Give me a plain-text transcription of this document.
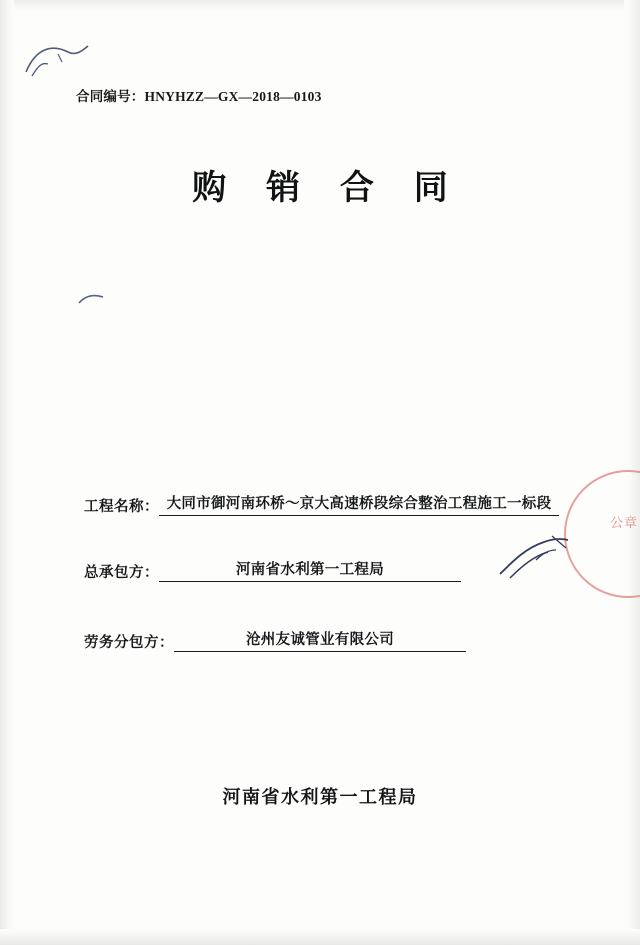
合同编号：HNYHZZ—GX—2018—0103
购 销 合 同
公章
工程名称： 大同市御河南环桥～京大高速桥段综合整治工程施工一标段
总承包方：	河南省水利第一工程局
劳务分包方：	沧州友诚管业有限公司
河南省水利第一工程局
